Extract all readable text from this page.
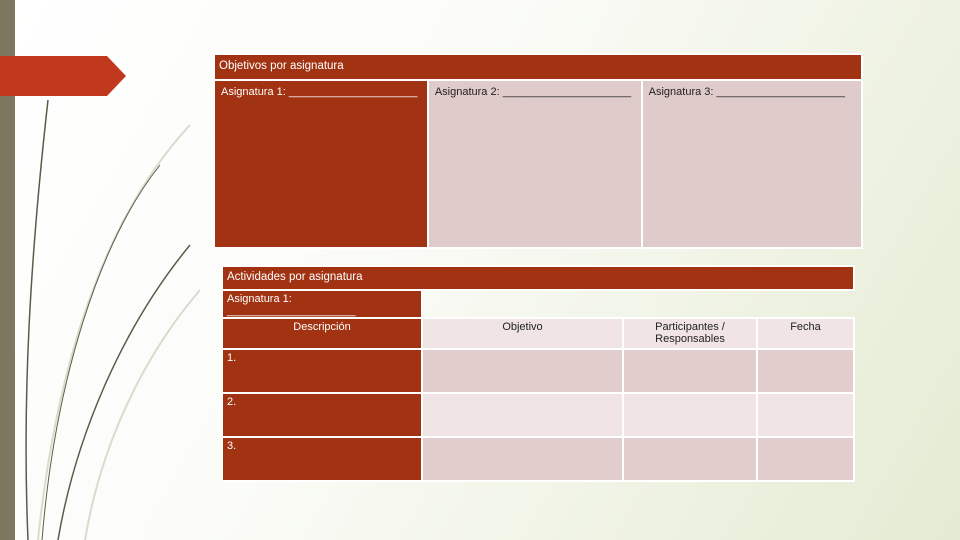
Objetivos por asignatura
Asignatura 1: _____________________	Asignatura 2: _____________________	Asignatura 3: _____________________
Actividades por asignatura			
Asignatura 1: _____________________			
Descripción	Objetivo	Participantes / Responsables	Fecha
1.			
2.			
3.			
